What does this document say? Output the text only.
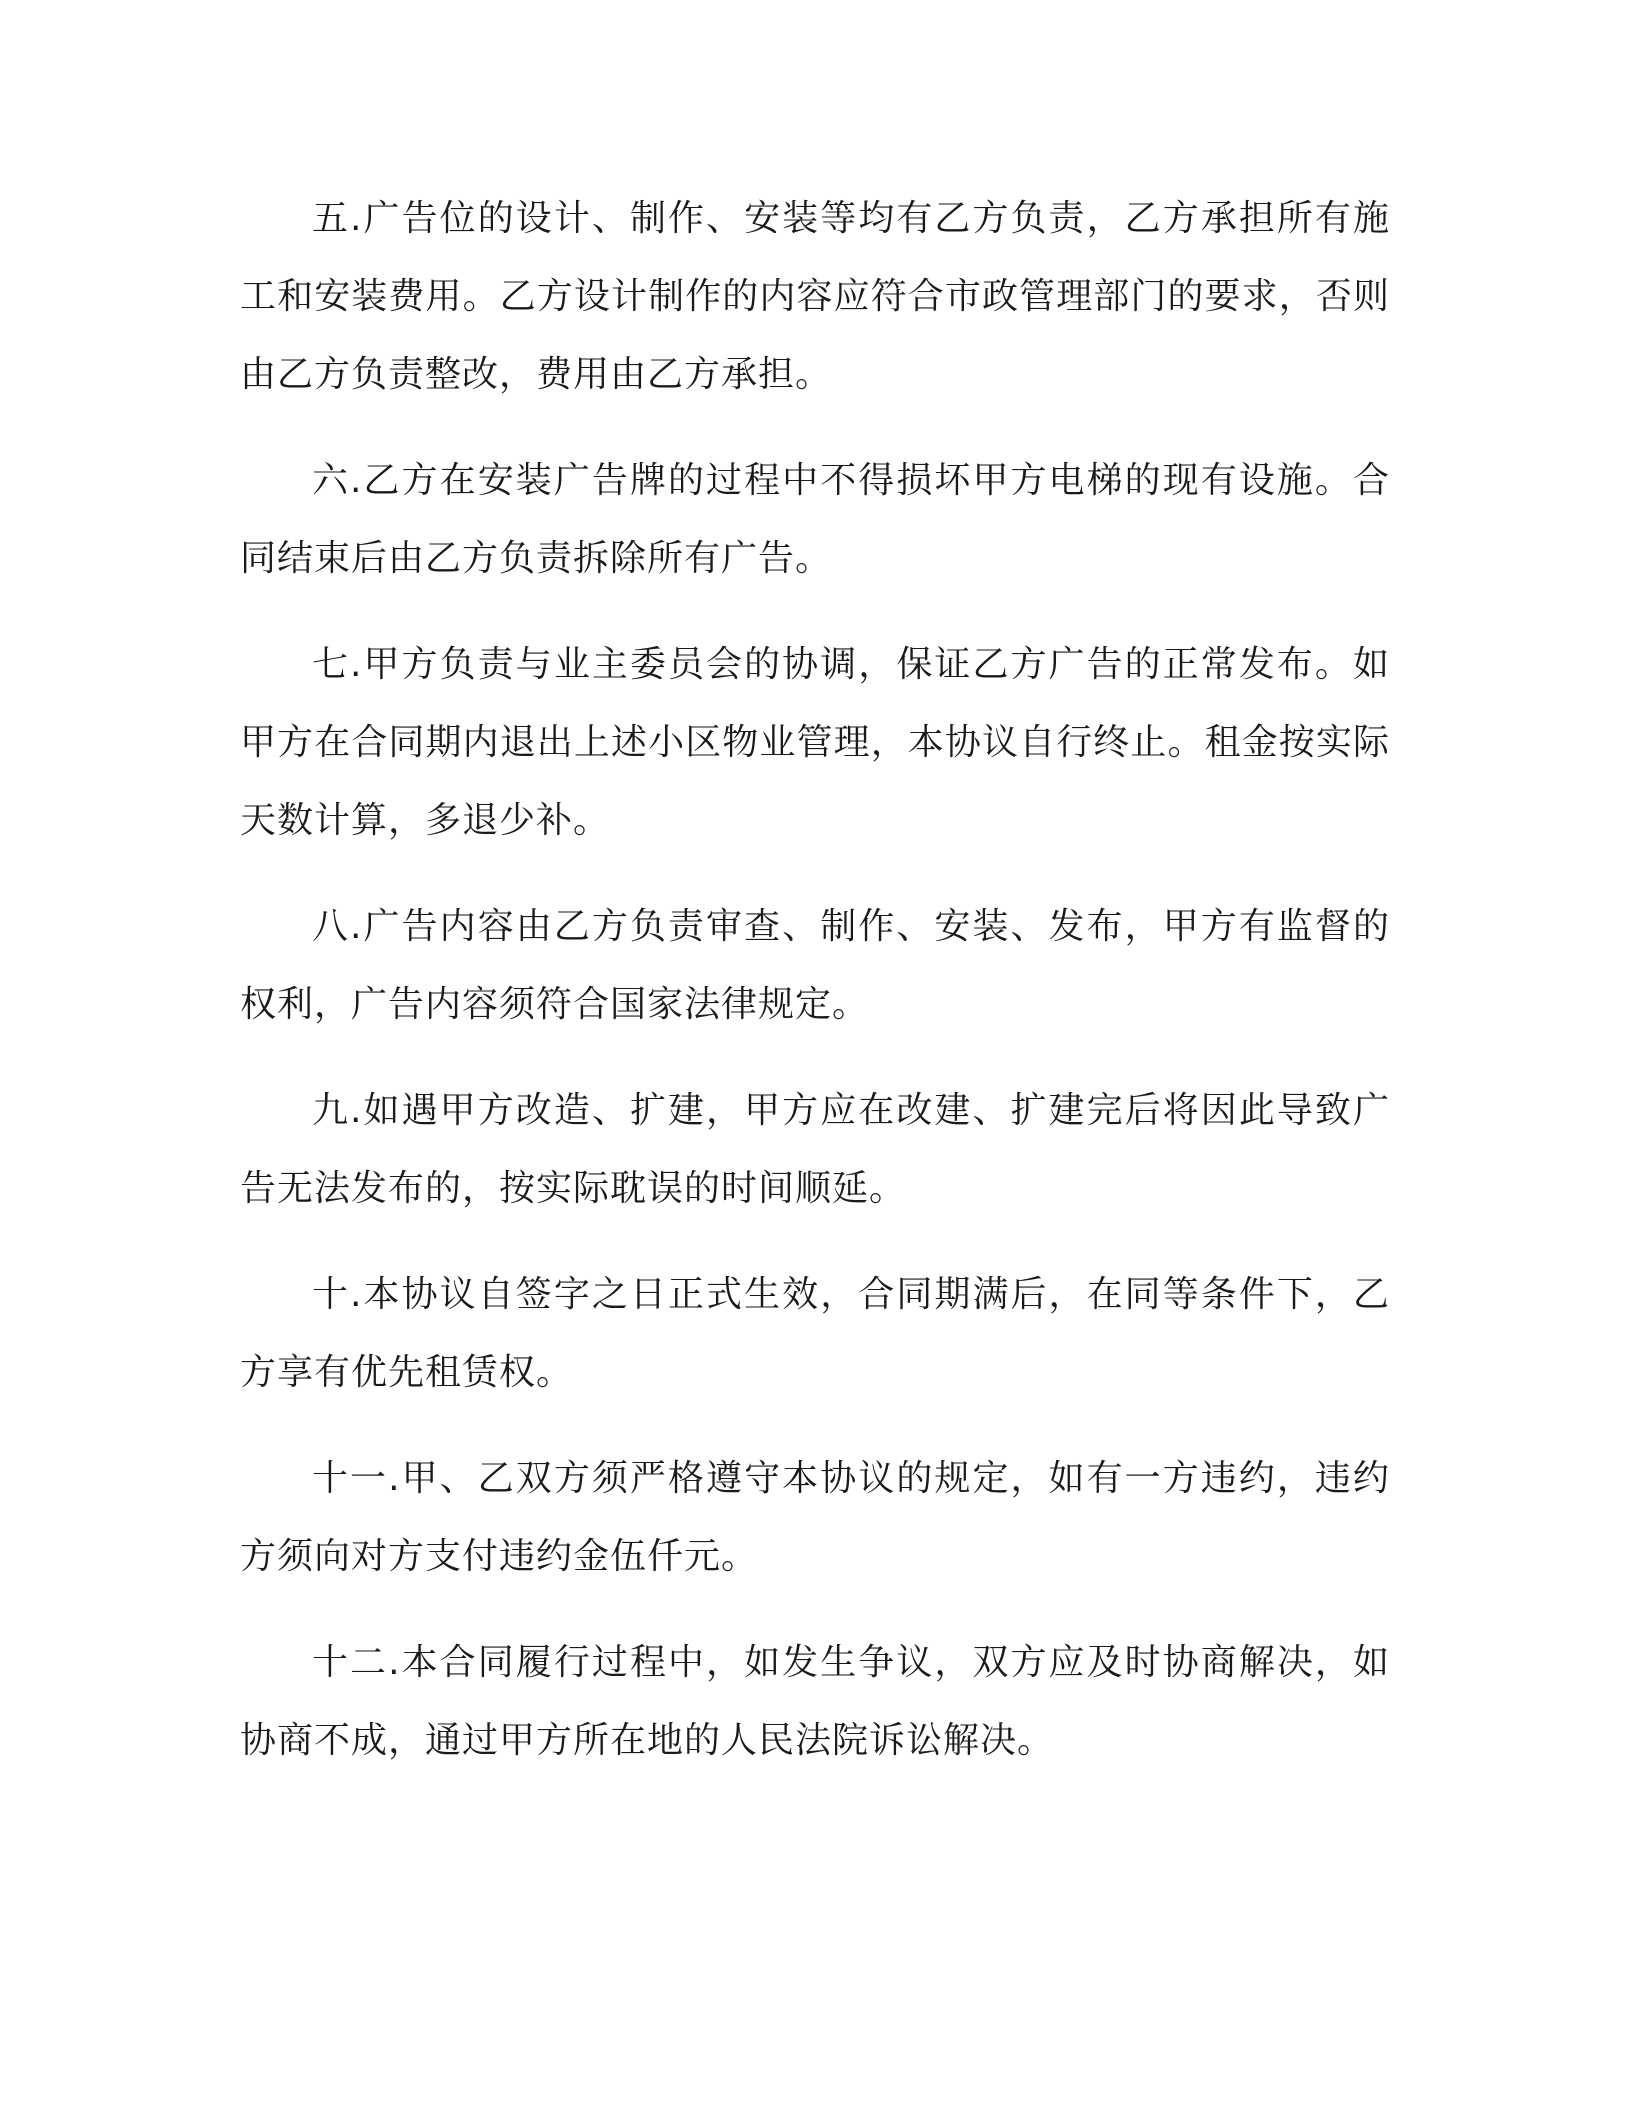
五.广告位的设计、制作、安装等均有乙方负责，乙方承担所有施工和安装费用。乙方设计制作的内容应符合市政管理部门的要求，否则由乙方负责整改，费用由乙方承担。

六.乙方在安装广告牌的过程中不得损坏甲方电梯的现有设施。合同结束后由乙方负责拆除所有广告。

七.甲方负责与业主委员会的协调，保证乙方广告的正常发布。如甲方在合同期内退出上述小区物业管理，本协议自行终止。租金按实际天数计算，多退少补。

八.广告内容由乙方负责审查、制作、安装、发布，甲方有监督的权利，广告内容须符合国家法律规定。

九.如遇甲方改造、扩建，甲方应在改建、扩建完后将因此导致广告无法发布的，按实际耽误的时间顺延。

十.本协议自签字之日正式生效，合同期满后，在同等条件下，乙方享有优先租赁权。

十一.甲、乙双方须严格遵守本协议的规定，如有一方违约，违约方须向对方支付违约金伍仟元。

十二.本合同履行过程中，如发生争议，双方应及时协商解决，如协商不成，通过甲方所在地的人民法院诉讼解决。
